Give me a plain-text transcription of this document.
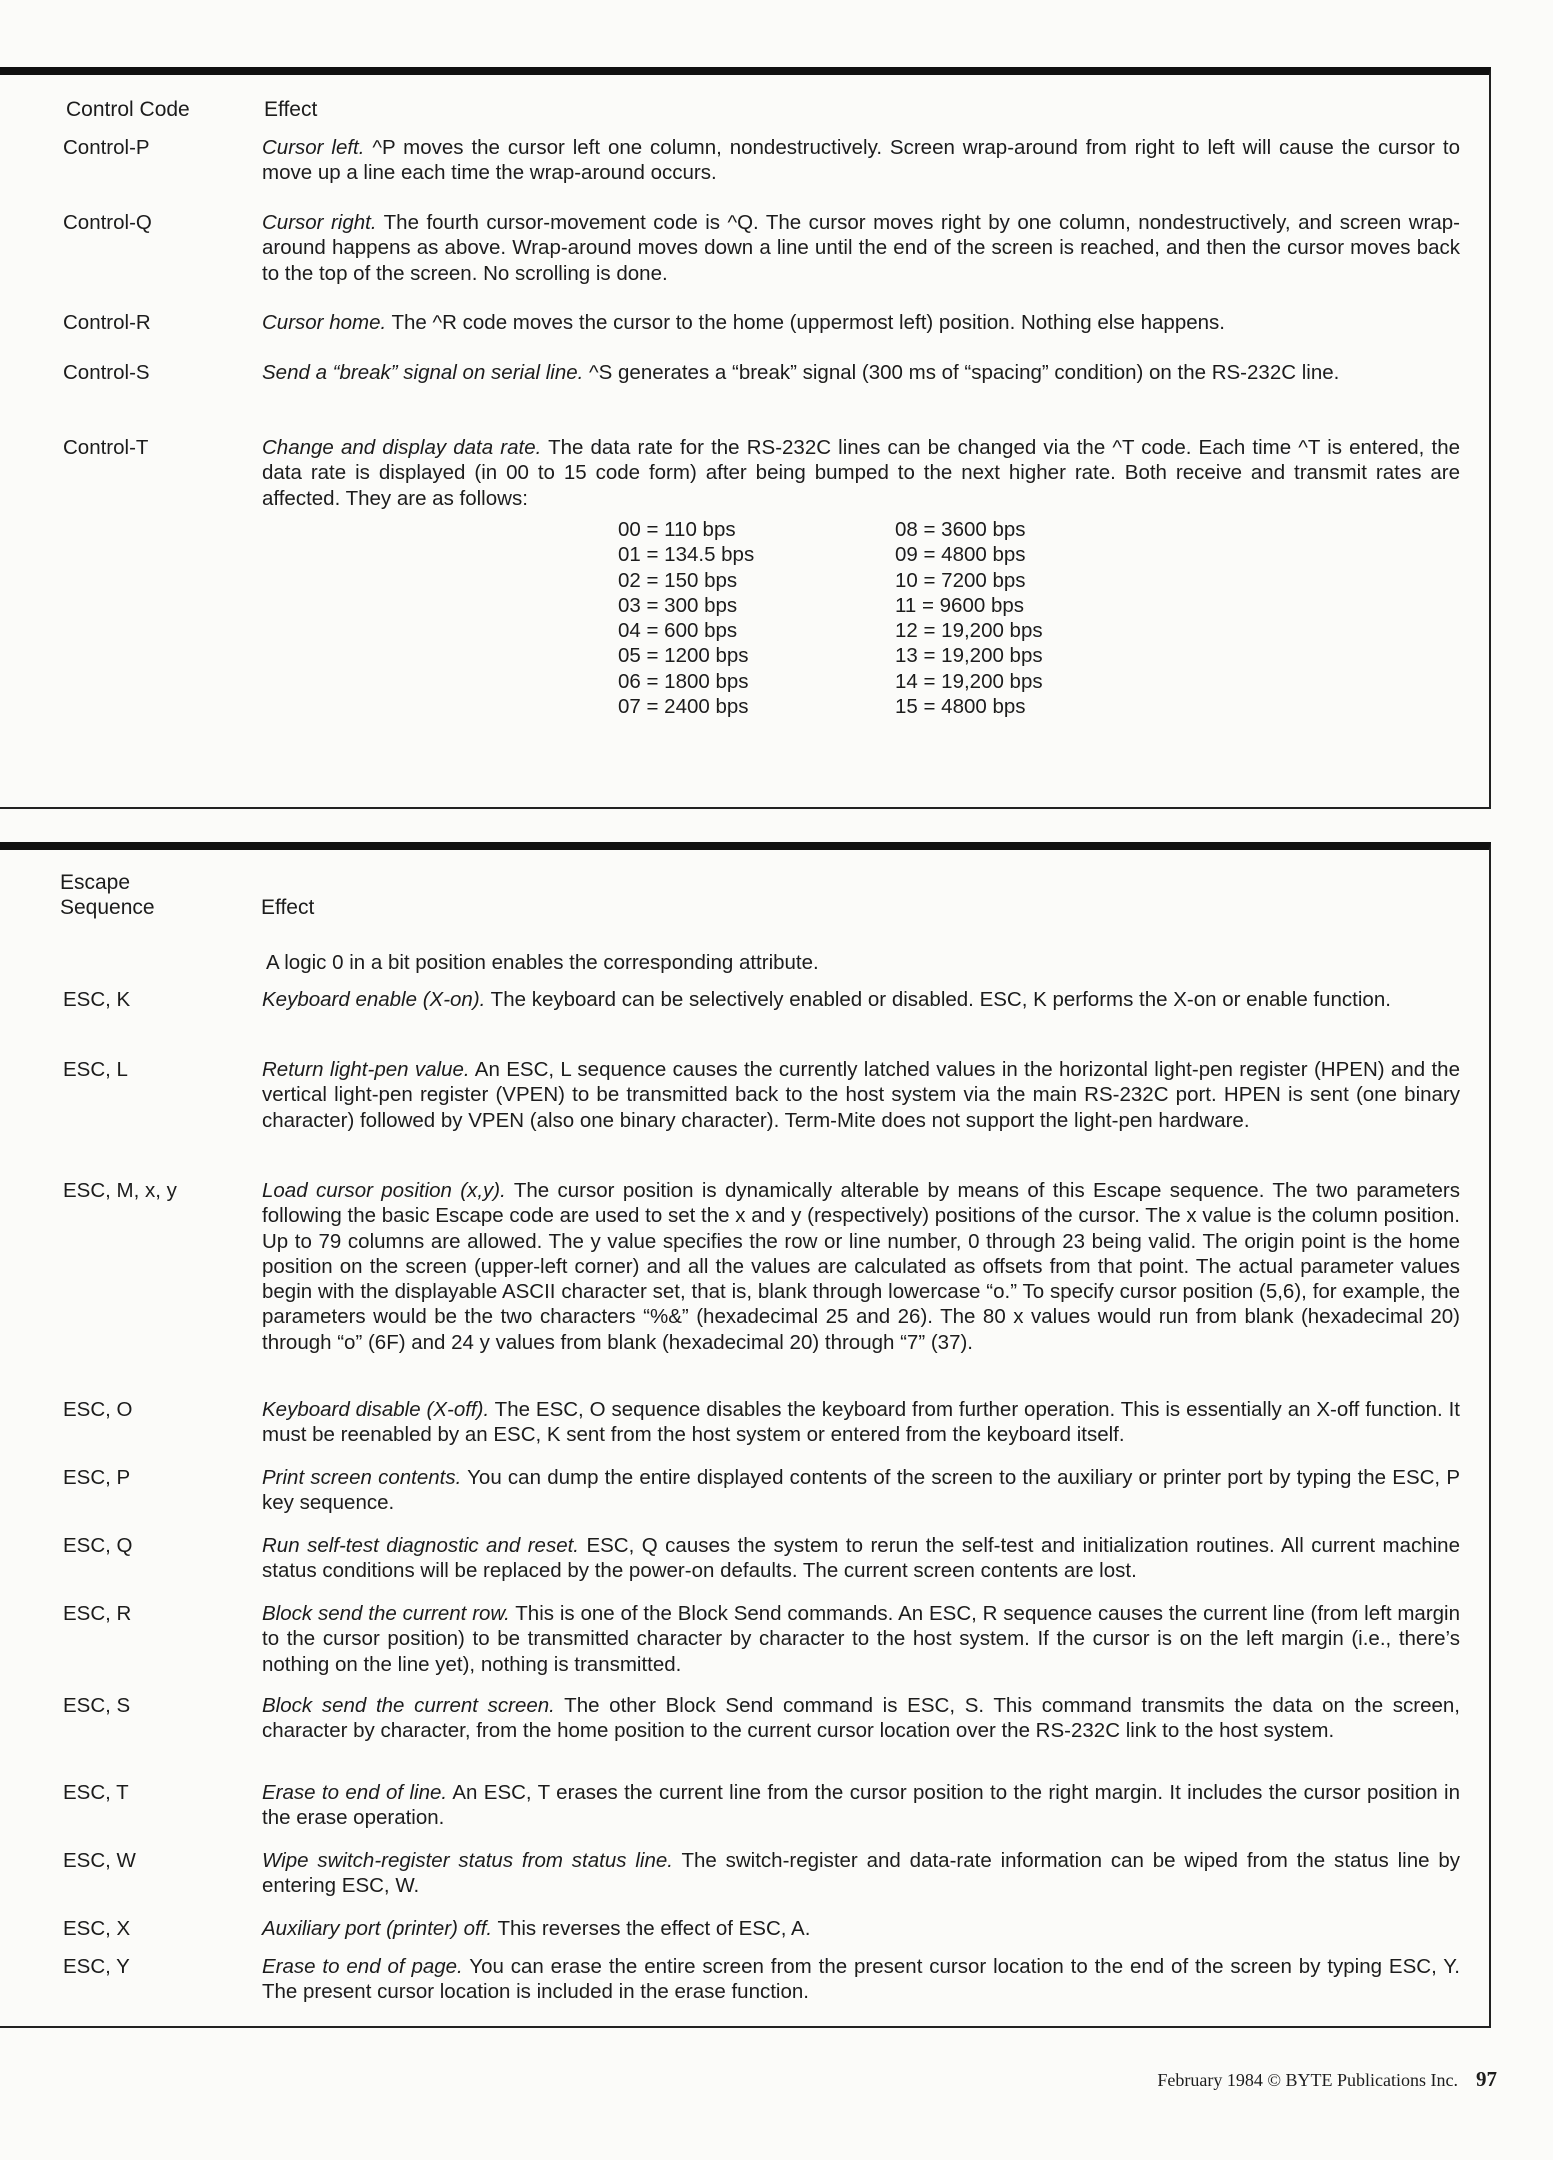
Control Code	Effect
Control-P	Cursor left. ^P moves the cursor left one column, nondestructively. Screen wrap-around from right to left will cause the cursor to move up a line each time the wrap-around occurs.
Control-Q	Cursor right. The fourth cursor-movement code is ^Q. The cursor moves right by one column, nondestructively, and screen wrap-around happens as above. Wrap-around moves down a line until the end of the screen is reached, and then the cursor moves back to the top of the screen. No scrolling is done.
Control-R	Cursor home. The ^R code moves the cursor to the home (uppermost left) position. Nothing else happens.
Control-S	Send a “break” signal on serial line. ^S generates a “break” signal (300 ms of “spacing” condition) on the RS-232C line.
Control-T	Change and display data rate. The data rate for the RS-232C lines can be changed via the ^T code. Each time ^T is entered, the data rate is displayed (in 00 to 15 code form) after being bumped to the next higher rate. Both receive and transmit rates are affected. They are as follows:
00 = 110 bps
01 = 134.5 bps
02 = 150 bps
03 = 300 bps
04 = 600 bps
05 = 1200 bps
06 = 1800 bps
07 = 2400 bps
08 = 3600 bps
09 = 4800 bps
10 = 7200 bps
11 = 9600 bps
12 = 19,200 bps
13 = 19,200 bps
14 = 19,200 bps
15 = 4800 bps
Escape
Sequence	Effect
A logic 0 in a bit position enables the corresponding attribute.
ESC, K	Keyboard enable (X-on). The keyboard can be selectively enabled or disabled. ESC, K performs the X-on or enable function.
ESC, L	Return light-pen value. An ESC, L sequence causes the currently latched values in the horizontal light-pen register (HPEN) and the vertical light-pen register (VPEN) to be transmitted back to the host system via the main RS-232C port. HPEN is sent (one binary character) followed by VPEN (also one binary character). Term-Mite does not support the light-pen hardware.
ESC, M, x, y	Load cursor position (x,y). The cursor position is dynamically alterable by means of this Escape sequence. The two parameters following the basic Escape code are used to set the x and y (respectively) positions of the cursor. The x value is the column position. Up to 79 columns are allowed. The y value specifies the row or line number, 0 through 23 being valid. The origin point is the home position on the screen (upper-left corner) and all the values are calculated as offsets from that point. The actual parameter values begin with the displayable ASCII character set, that is, blank through lowercase “o.” To specify cursor position (5,6), for example, the parameters would be the two characters “%&” (hexadecimal 25 and 26). The 80 x values would run from blank (hexadecimal 20) through “o” (6F) and 24 y values from blank (hexadecimal 20) through “7” (37).
ESC, O	Keyboard disable (X-off). The ESC, O sequence disables the keyboard from further operation. This is essentially an X-off function. It must be reenabled by an ESC, K sent from the host system or entered from the keyboard itself.
ESC, P	Print screen contents. You can dump the entire displayed contents of the screen to the auxiliary or printer port by typing the ESC, P key sequence.
ESC, Q	Run self-test diagnostic and reset. ESC, Q causes the system to rerun the self-test and initialization routines. All current machine status conditions will be replaced by the power-on defaults. The current screen contents are lost.
ESC, R	Block send the current row. This is one of the Block Send commands. An ESC, R sequence causes the current line (from left margin to the cursor position) to be transmitted character by character to the host system. If the cursor is on the left margin (i.e., there’s nothing on the line yet), nothing is transmitted.
ESC, S	Block send the current screen. The other Block Send command is ESC, S. This command transmits the data on the screen, character by character, from the home position to the current cursor location over the RS-232C link to the host system.
ESC, T	Erase to end of line. An ESC, T erases the current line from the cursor position to the right margin. It includes the cursor position in the erase operation.
ESC, W	Wipe switch-register status from status line. The switch-register and data-rate information can be wiped from the status line by entering ESC, W.
ESC, X	Auxiliary port (printer) off. This reverses the effect of ESC, A.
ESC, Y	Erase to end of page. You can erase the entire screen from the present cursor location to the end of the screen by typing ESC, Y. The present cursor location is included in the erase function.
February 1984 © BYTE Publications Inc. 97
